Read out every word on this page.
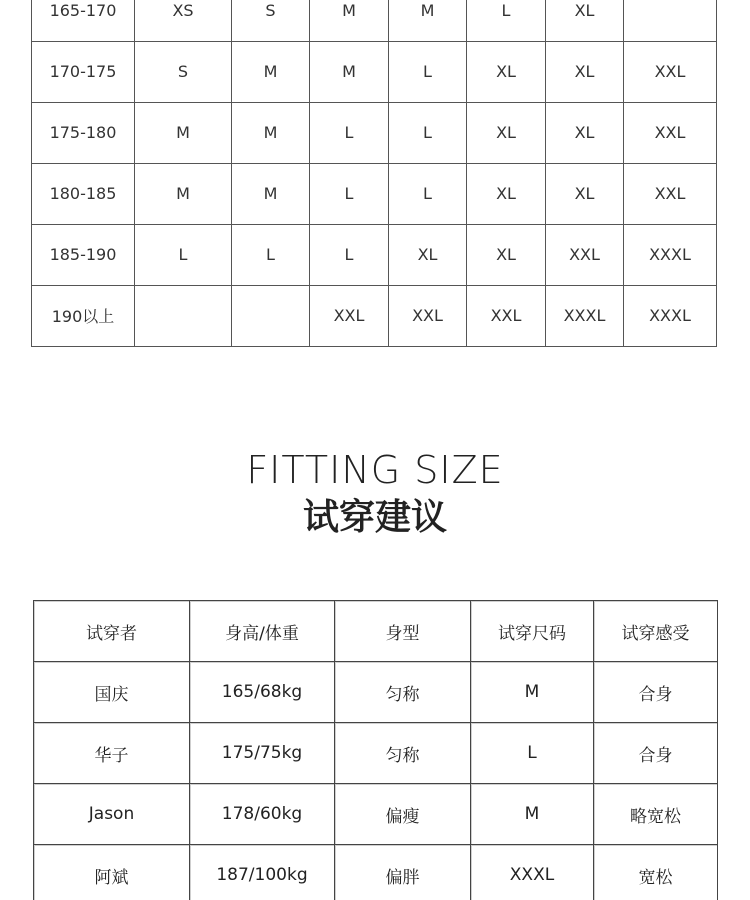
165-170	XS	S	M	M	L	XL	
170-175	S	M	M	L	XL	XL	XXL
175-180	M	M	L	L	XL	XL	XXL
180-185	M	M	L	L	XL	XL	XXL
185-190	L	L	L	XL	XL	XXL	XXXL
190以上			XXL	XXL	XXL	XXXL	XXXL
FITTING SIZE
试穿建议
试穿者	身高/体重	身型	试穿尺码	试穿感受
国庆	165/68kg	匀称	M	合身
华子	175/75kg	匀称	L	合身
Jason	178/60kg	偏瘦	M	略宽松
阿斌	187/100kg	偏胖	XXXL	宽松
